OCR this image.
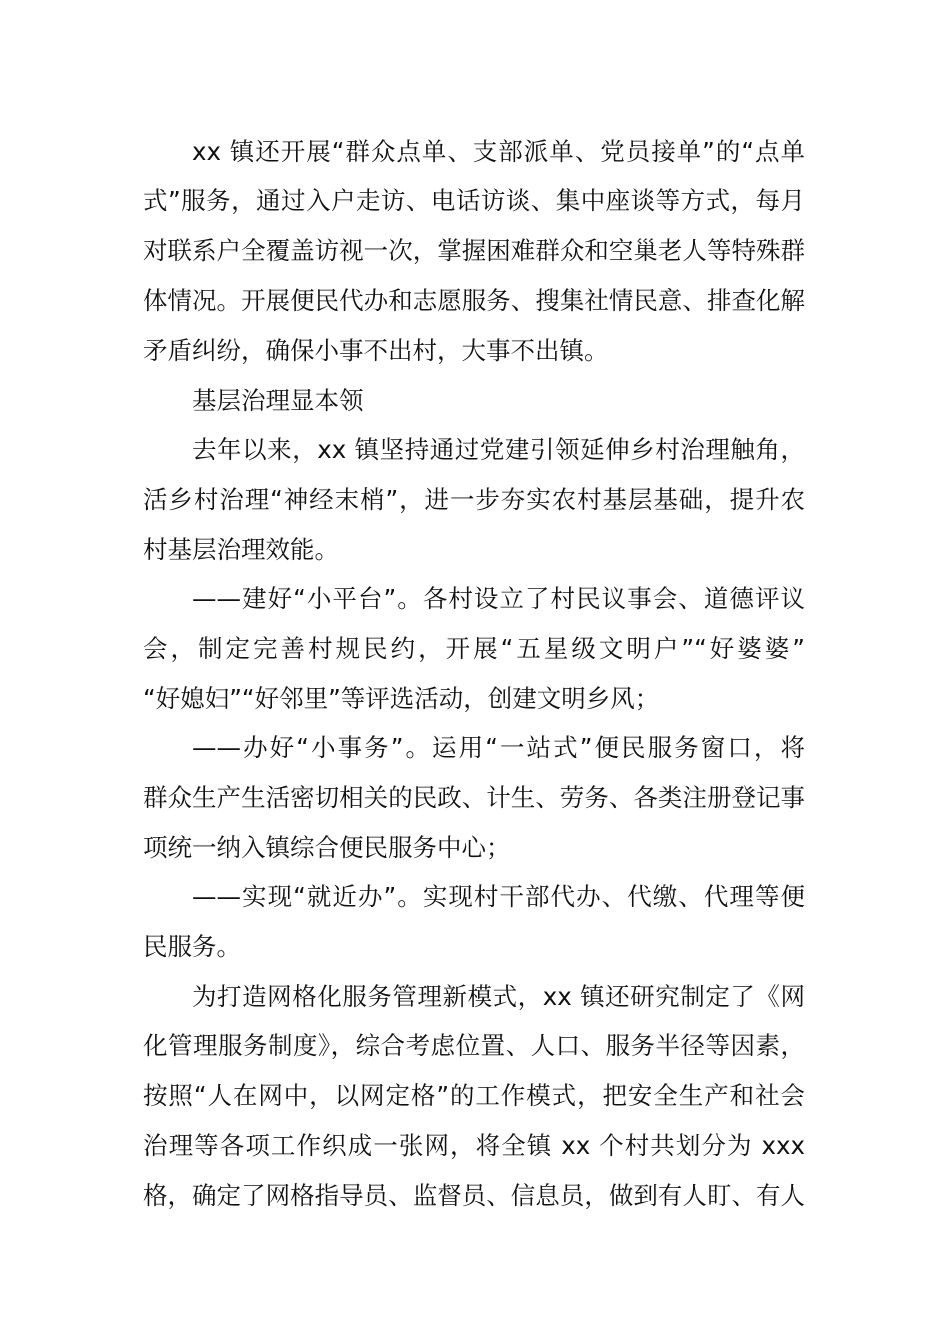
xx 镇还开展“群众点单、支部派单、党员接单”的“点单
式”服务，通过入户走访、电话访谈、集中座谈等方式，每月
对联系户全覆盖访视一次，掌握困难群众和空巢老人等特殊群
体情况。开展便民代办和志愿服务、搜集社情民意、排查化解
矛盾纠纷，确保小事不出村，大事不出镇。
基层治理显本领
去年以来，xx 镇坚持通过党建引领延伸乡村治理触角，
活乡村治理“神经末梢”，进一步夯实农村基层基础，提升农
村基层治理效能。
——建好“小平台”。各村设立了村民议事会、道德评议
会，制定完善村规民约，开展“五星级文明户”“好婆婆”
“好媳妇”“好邻里”等评选活动，创建文明乡风；
——办好“小事务”。运用“一站式”便民服务窗口，将
群众生产生活密切相关的民政、计生、劳务、各类注册登记事
项统一纳入镇综合便民服务中心；
——实现“就近办”。实现村干部代办、代缴、代理等便
民服务。
为打造网格化服务管理新模式，xx 镇还研究制定了《网
化管理服务制度》，综合考虑位置、人口、服务半径等因素，
按照“人在网中，以网定格”的工作模式，把安全生产和社会
治理等各项工作织成一张网，将全镇 xx 个村共划分为 xxx
格，确定了网格指导员、监督员、信息员，做到有人盯、有人
